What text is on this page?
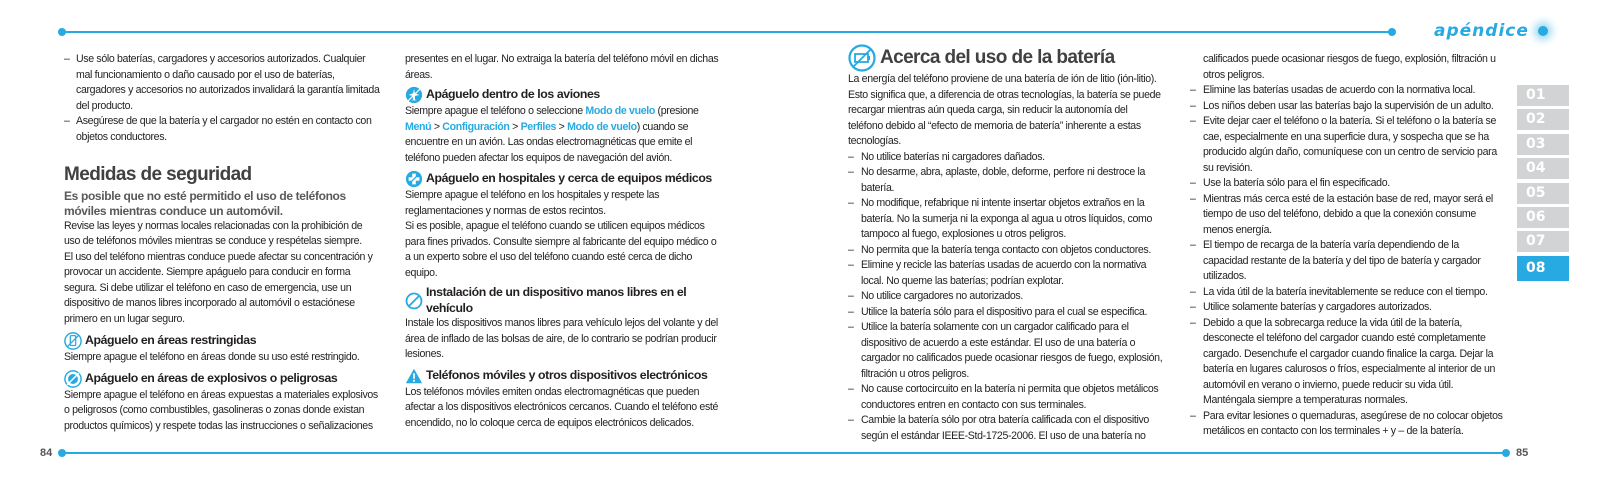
apéndice
84	85
01
02
03
04
05
06
07
08
– Use sólo baterías, cargadores y accesorios autorizados. Cualquier mal funcionamiento o daño causado por el uso de baterías, cargadores y accesorios no autorizados invalidará la garantía limitada del producto.
– Asegúrese de que la batería y el cargador no estén en contacto con objetos conductores.

Medidas de seguridad

Es posible que no esté permitido el uso de teléfonos móviles mientras conduce un automóvil.

Revise las leyes y normas locales relacionadas con la prohibición de uso de teléfonos móviles mientras se conduce y respételas siempre.

El uso del teléfono mientras conduce puede afectar su concentración y provocar un accidente. Siempre apáguelo para conducir en forma segura. Si debe utilizar el teléfono en caso de emergencia, use un dispositivo de manos libres incorporado al automóvil o estaciónese primero en un lugar seguro.

Apáguelo en áreas restringidas

Siempre apague el teléfono en áreas donde su uso esté restringido.

Apáguelo en áreas de explosivos o peligrosas

Siempre apague el teléfono en áreas expuestas a materiales explosivos o peligrosos (como combustibles, gasolineras o zonas donde existan productos químicos) y respete todas las instrucciones o señalizaciones

presentes en el lugar. No extraiga la batería del teléfono móvil en dichas áreas.

Apáguelo dentro de los aviones

Siempre apague el teléfono o seleccione Modo de vuelo (presione Menú > Configuración > Perfiles > Modo de vuelo) cuando se encuentre en un avión. Las ondas electromagnéticas que emite el teléfono pueden afectar los equipos de navegación del avión.

Apáguelo en hospitales y cerca de equipos médicos

Siempre apague el teléfono en los hospitales y respete las reglamentaciones y normas de estos recintos.

Si es posible, apague el teléfono cuando se utilicen equipos médicos para fines privados. Consulte siempre al fabricante del equipo médico o a un experto sobre el uso del teléfono cuando esté cerca de dicho equipo.

Instalación de un dispositivo manos libres en el vehículo

Instale los dispositivos manos libres para vehículo lejos del volante y del área de inflado de las bolsas de aire, de lo contrario se podrían producir lesiones.

Teléfonos móviles y otros dispositivos electrónicos

Los teléfonos móviles emiten ondas electromagnéticas que pueden afectar a los dispositivos electrónicos cercanos. Cuando el teléfono esté encendido, no lo coloque cerca de equipos electrónicos delicados.

Acerca del uso de la batería

La energía del teléfono proviene de una batería de ión de litio (ión-litio). Esto significa que, a diferencia de otras tecnologías, la batería se puede recargar mientras aún queda carga, sin reducir la autonomía del teléfono debido al “efecto de memoria de batería” inherente a estas tecnologías.

– No utilice baterías ni cargadores dañados.
– No desarme, abra, aplaste, doble, deforme, perfore ni destroce la batería.
– No modifique, refabrique ni intente insertar objetos extraños en la batería. No la sumerja ni la exponga al agua u otros líquidos, como tampoco al fuego, explosiones u otros peligros.
– No permita que la batería tenga contacto con objetos conductores.
– Elimine y recicle las baterías usadas de acuerdo con la normativa local. No queme las baterías; podrían explotar.
– No utilice cargadores no autorizados.
– Utilice la batería sólo para el dispositivo para el cual se especifica.
– Utilice la batería solamente con un cargador calificado para el dispositivo de acuerdo a este estándar. El uso de una batería o cargador no calificados puede ocasionar riesgos de fuego, explosión, filtración u otros peligros.
– No cause cortocircuito en la batería ni permita que objetos metálicos conductores entren en contacto con sus terminales.
– Cambie la batería sólo por otra batería calificada con el dispositivo según el estándar IEEE-Std-1725-2006. El uso de una batería no

calificados puede ocasionar riesgos de fuego, explosión, filtración u otros peligros.

– Elimine las baterías usadas de acuerdo con la normativa local.
– Los niños deben usar las baterías bajo la supervisión de un adulto.
– Evite dejar caer el teléfono o la batería. Si el teléfono o la batería se cae, especialmente en una superficie dura, y sospecha que se ha producido algún daño, comuníquese con un centro de servicio para su revisión.
– Use la batería sólo para el fin especificado.
– Mientras más cerca esté de la estación base de red, mayor será el tiempo de uso del teléfono, debido a que la conexión consume menos energía.
– El tiempo de recarga de la batería varía dependiendo de la capacidad restante de la batería y del tipo de batería y cargador utilizados.
– La vida útil de la batería inevitablemente se reduce con el tiempo.
– Utilice solamente baterías y cargadores autorizados.
– Debido a que la sobrecarga reduce la vida útil de la batería, desconecte el teléfono del cargador cuando esté completamente cargado. Desenchufe el cargador cuando finalice la carga. Dejar la batería en lugares calurosos o fríos, especialmente al interior de un automóvil en verano o invierno, puede reducir su vida útil. Manténgala siempre a temperaturas normales.
– Para evitar lesiones o quemaduras, asegúrese de no colocar objetos metálicos en contacto con los terminales + y – de la batería.
